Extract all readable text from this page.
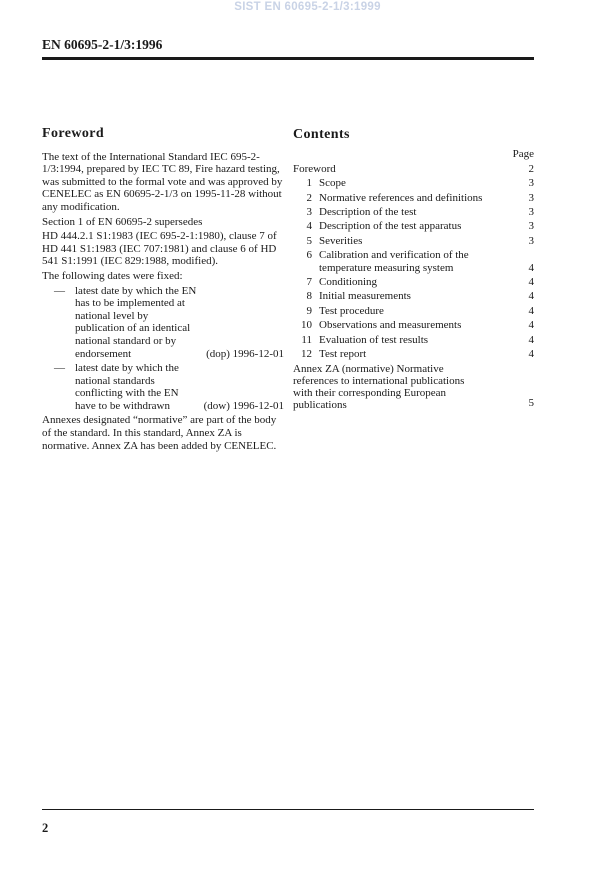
SIST EN 60695-2-1/3:1999
EN 60695-2-1/3:1996
Foreword

The text of the International Standard IEC 695-2-1/3:1994, prepared by IEC TC 89, Fire hazard testing, was submitted to the formal vote and was approved by CENELEC as EN 60695-2-1/3 on 1995-11-28 without any modification.

Section 1 of EN 60695-2 supersedes

HD 444.2.1 S1:1983 (IEC 695-2-1:1980), clause 7 of HD 441 S1:1983 (IEC 707:1981) and clause 6 of HD 541 S1:1991 (IEC 829:1988, modified).

The following dates were fixed:

— latest date by which the EN has to be implemented at national level by publication of an identical national standard or by endorsement	(dop) 1996-12-01
— latest date by which the national standards conflicting with the EN have to be withdrawn	(dow) 1996-12-01

Annexes designated “normative” are part of the body of the standard. In this standard, Annex ZA is normative. Annex ZA has been added by CENELEC.

Contents
Page
Foreword	2
1 Scope	3
2 Normative references and definitions	3
3 Description of the test	3
4 Description of the test apparatus	3
5 Severities	3
6 Calibration and verification of the temperature measuring system	4
7 Conditioning	4
8 Initial measurements	4
9 Test procedure	4
10 Observations and measurements	4
11 Evaluation of test results	4
12 Test report	4
Annex ZA (normative) Normative references to international publications with their corresponding European publications	5
2
